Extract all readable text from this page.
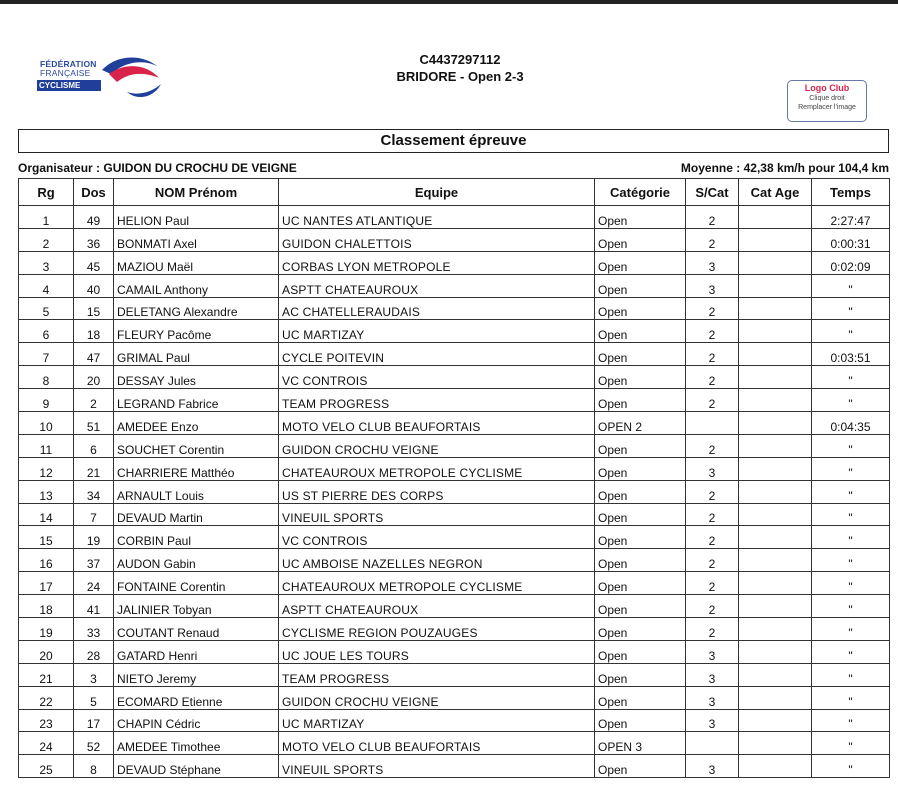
FÉDÉRATION
FRANÇAISE
CYCLISME
C4437297112
BRIDORE - Open 2-3
Logo Club
Clique droit
Remplacer l'image
Classement épreuve
Organisateur : GUIDON DU CROCHU DE VEIGNE	Moyenne : 42,38 km/h pour 104,4 km
Rg	Dos	NOM Prénom	Equipe	Catégorie	S/Cat	Cat Age	Temps
1	49	HELION Paul	UC NANTES ATLANTIQUE	Open	2		2:27:47
2	36	BONMATI Axel	GUIDON CHALETTOIS	Open	2		0:00:31
3	45	MAZIOU Maël	CORBAS LYON METROPOLE	Open	3		0:02:09
4	40	CAMAIL Anthony	ASPTT CHATEAUROUX	Open	3		"
5	15	DELETANG Alexandre	AC CHATELLERAUDAIS	Open	2		"
6	18	FLEURY Pacôme	UC MARTIZAY	Open	2		"
7	47	GRIMAL Paul	CYCLE POITEVIN	Open	2		0:03:51
8	20	DESSAY Jules	VC CONTROIS	Open	2		"
9	2	LEGRAND Fabrice	TEAM PROGRESS	Open	2		"
10	51	AMEDEE Enzo	MOTO VELO CLUB BEAUFORTAIS	OPEN 2			0:04:35
11	6	SOUCHET Corentin	GUIDON CROCHU VEIGNE	Open	2		"
12	21	CHARRIERE Matthéo	CHATEAUROUX METROPOLE CYCLISME	Open	3		"
13	34	ARNAULT Louis	US ST PIERRE DES CORPS	Open	2		"
14	7	DEVAUD Martin	VINEUIL SPORTS	Open	2		"
15	19	CORBIN Paul	VC CONTROIS	Open	2		"
16	37	AUDON Gabin	UC AMBOISE NAZELLES NEGRON	Open	2		"
17	24	FONTAINE Corentin	CHATEAUROUX METROPOLE CYCLISME	Open	2		"
18	41	JALINIER Tobyan	ASPTT CHATEAUROUX	Open	2		"
19	33	COUTANT Renaud	CYCLISME REGION POUZAUGES	Open	2		"
20	28	GATARD Henri	UC JOUE LES TOURS	Open	3		"
21	3	NIETO Jeremy	TEAM PROGRESS	Open	3		"
22	5	ECOMARD Etienne	GUIDON CROCHU VEIGNE	Open	3		"
23	17	CHAPIN Cédric	UC MARTIZAY	Open	3		"
24	52	AMEDEE Timothee	MOTO VELO CLUB BEAUFORTAIS	OPEN 3			"
25	8	DEVAUD Stéphane	VINEUIL SPORTS	Open	3		"
